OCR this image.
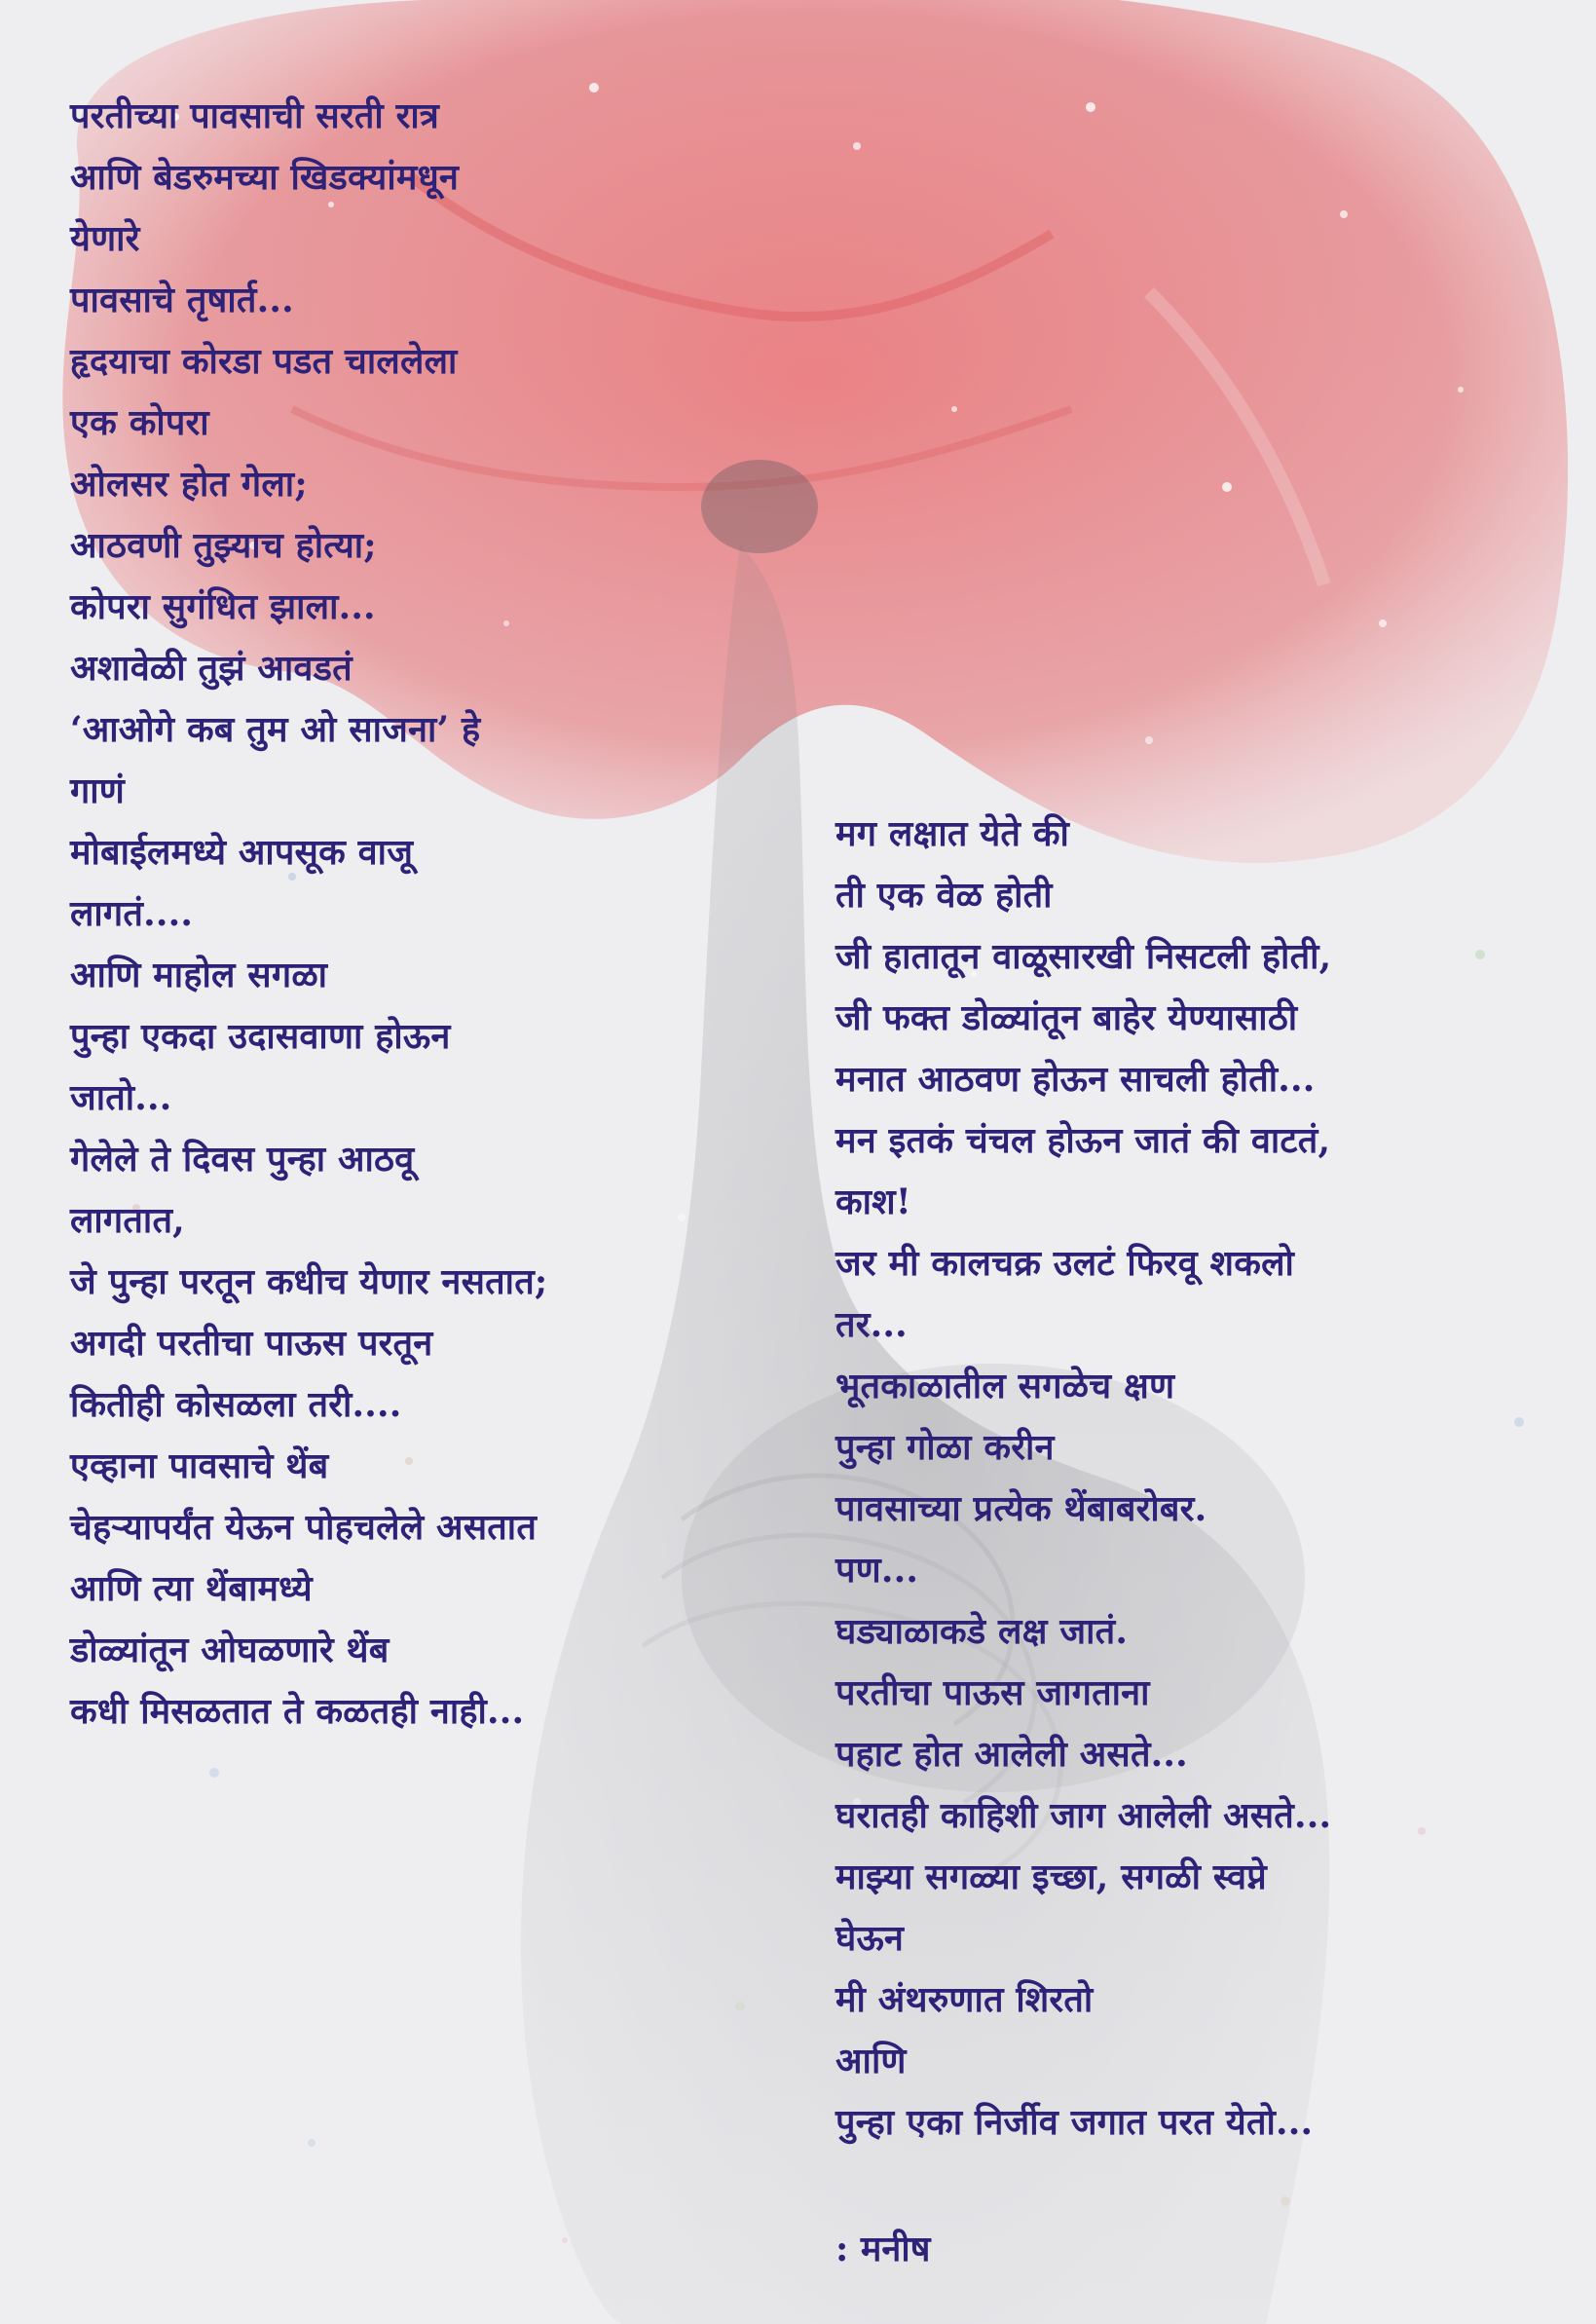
परतीच्या पावसाची सरती रात्र
आणि बेडरुमच्या खिडक्यांमधून
येणारे
पावसाचे तृषार्त...
हृदयाचा कोरडा पडत चाललेला
एक कोपरा
ओलसर होत गेला;
आठवणी तुझ्याच होत्या;
कोपरा सुगंधित झाला...
अशावेळी तुझं आवडतं
‘आओगे कब तुम ओ साजना’ हे
गाणं
मोबाईलमध्ये आपसूक वाजू
लागतं....
आणि माहोल सगळा
पुन्हा एकदा उदासवाणा होऊन
जातो...
गेलेले ते दिवस पुन्हा आठवू
लागतात,
जे पुन्हा परतून कधीच येणार नसतात;
अगदी परतीचा पाऊस परतून
कितीही कोसळला तरी....
एव्हाना पावसाचे थेंब
चेहऱ्यापर्यंत येऊन पोहचलेले असतात
आणि त्या थेंबामध्ये
डोळ्यांतून ओघळणारे थेंब
कधी मिसळतात ते कळतही नाही...
मग लक्षात येते की
ती एक वेळ होती
जी हातातून वाळूसारखी निसटली होती,
जी फक्त डोळ्यांतून बाहेर येण्यासाठी
मनात आठवण होऊन साचली होती...
मन इतकं चंचल होऊन जातं की वाटतं,
काश!
जर मी कालचक्र उलटं फिरवू शकलो
तर...
भूतकाळातील सगळेच क्षण
पुन्हा गोळा करीन
पावसाच्या प्रत्येक थेंबाबरोबर.
पण...
घड्याळाकडे लक्ष जातं.
परतीचा पाऊस जागताना
पहाट होत आलेली असते...
घरातही काहिशी जाग आलेली असते...
माझ्या सगळ्या इच्छा, सगळी स्वप्ने
घेऊन
मी अंथरुणात शिरतो
आणि
पुन्हा एका निर्जीव जगात परत येतो...
: मनीष
